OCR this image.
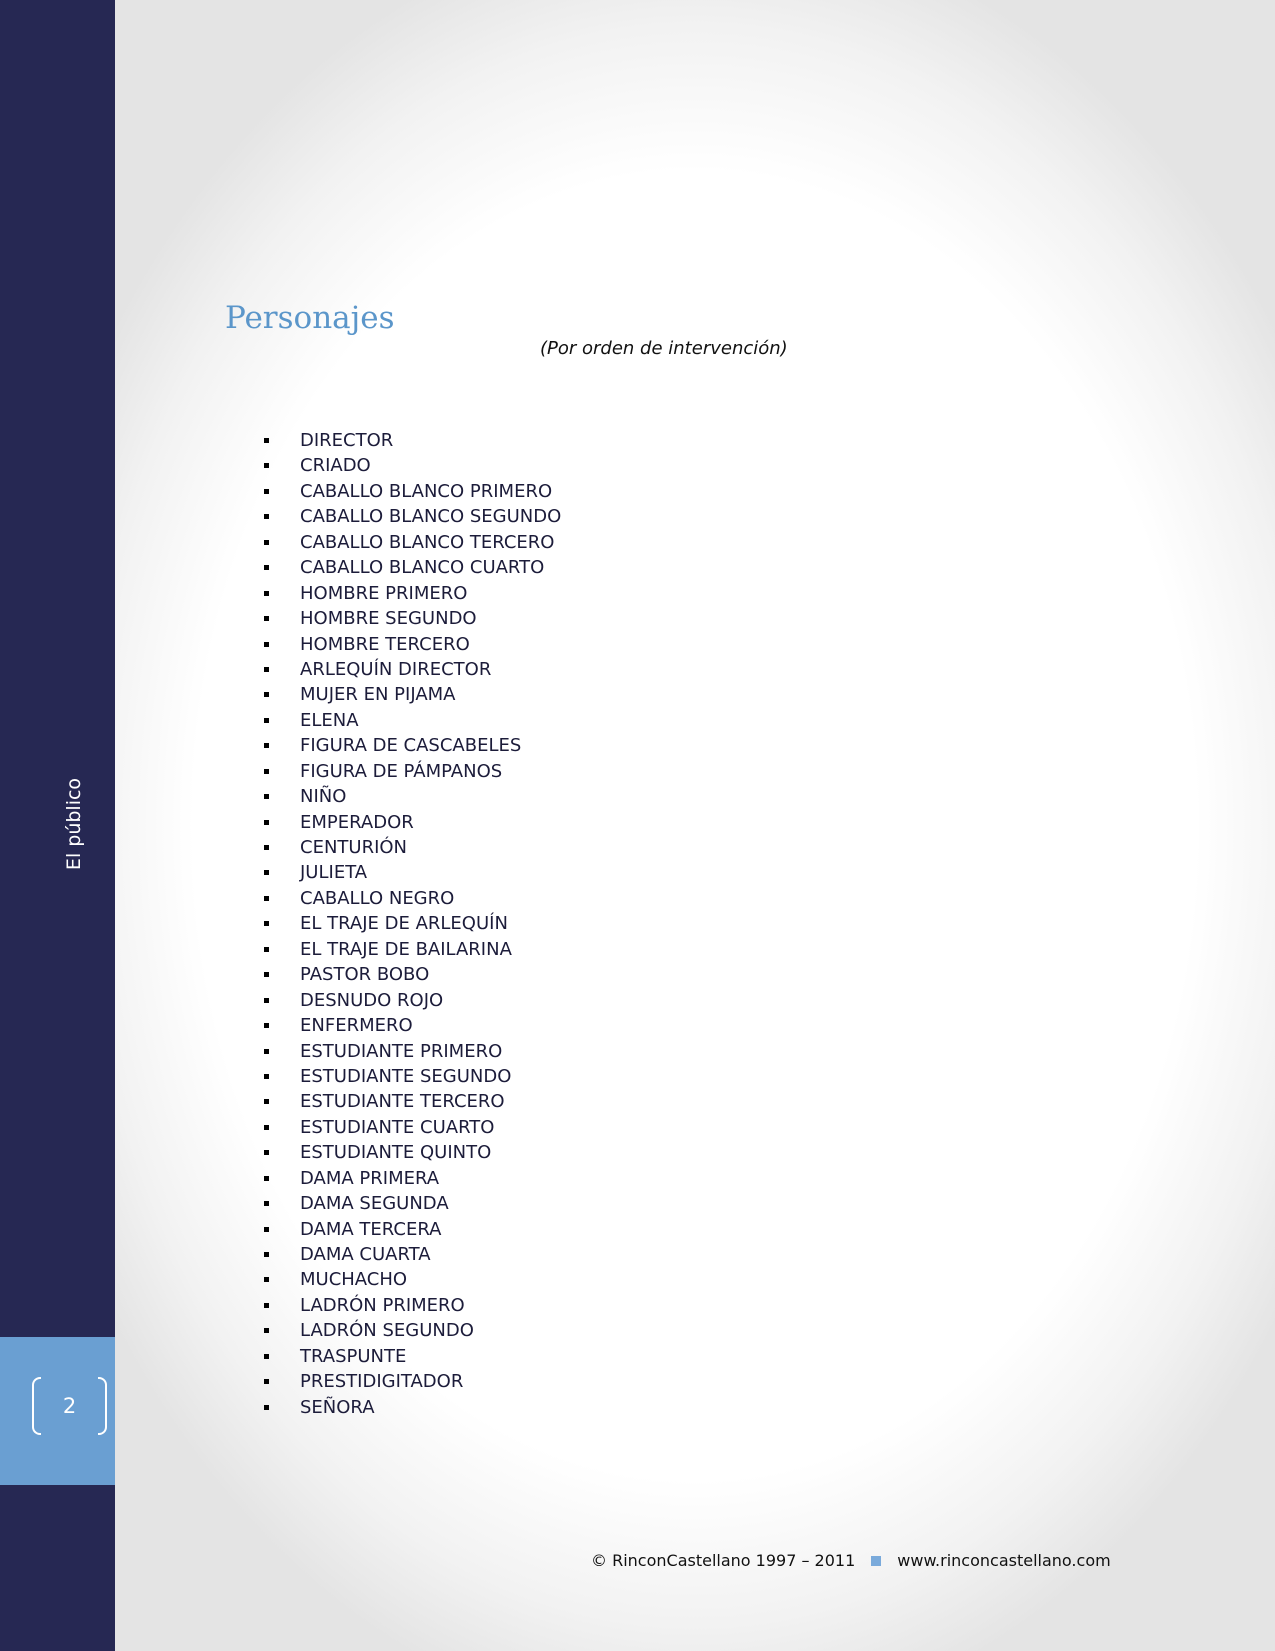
El público
2
Personajes
(Por orden de intervención)
DIRECTOR
CRIADO
CABALLO BLANCO PRIMERO
CABALLO BLANCO SEGUNDO
CABALLO BLANCO TERCERO
CABALLO BLANCO CUARTO
HOMBRE PRIMERO
HOMBRE SEGUNDO
HOMBRE TERCERO
ARLEQUÍN DIRECTOR
MUJER EN PIJAMA
ELENA
FIGURA DE CASCABELES
FIGURA DE PÁMPANOS
NIÑO
EMPERADOR
CENTURIÓN
JULIETA
CABALLO NEGRO
EL TRAJE DE ARLEQUÍN
EL TRAJE DE BAILARINA
PASTOR BOBO
DESNUDO ROJO
ENFERMERO
ESTUDIANTE PRIMERO
ESTUDIANTE SEGUNDO
ESTUDIANTE TERCERO
ESTUDIANTE CUARTO
ESTUDIANTE QUINTO
DAMA PRIMERA
DAMA SEGUNDA
DAMA TERCERA
DAMA CUARTA
MUCHACHO
LADRÓN PRIMERO
LADRÓN SEGUNDO
TRASPUNTE
PRESTIDIGITADOR
SEÑORA
© RinconCastellano 1997 – 2011	www.rinconcastellano.com
